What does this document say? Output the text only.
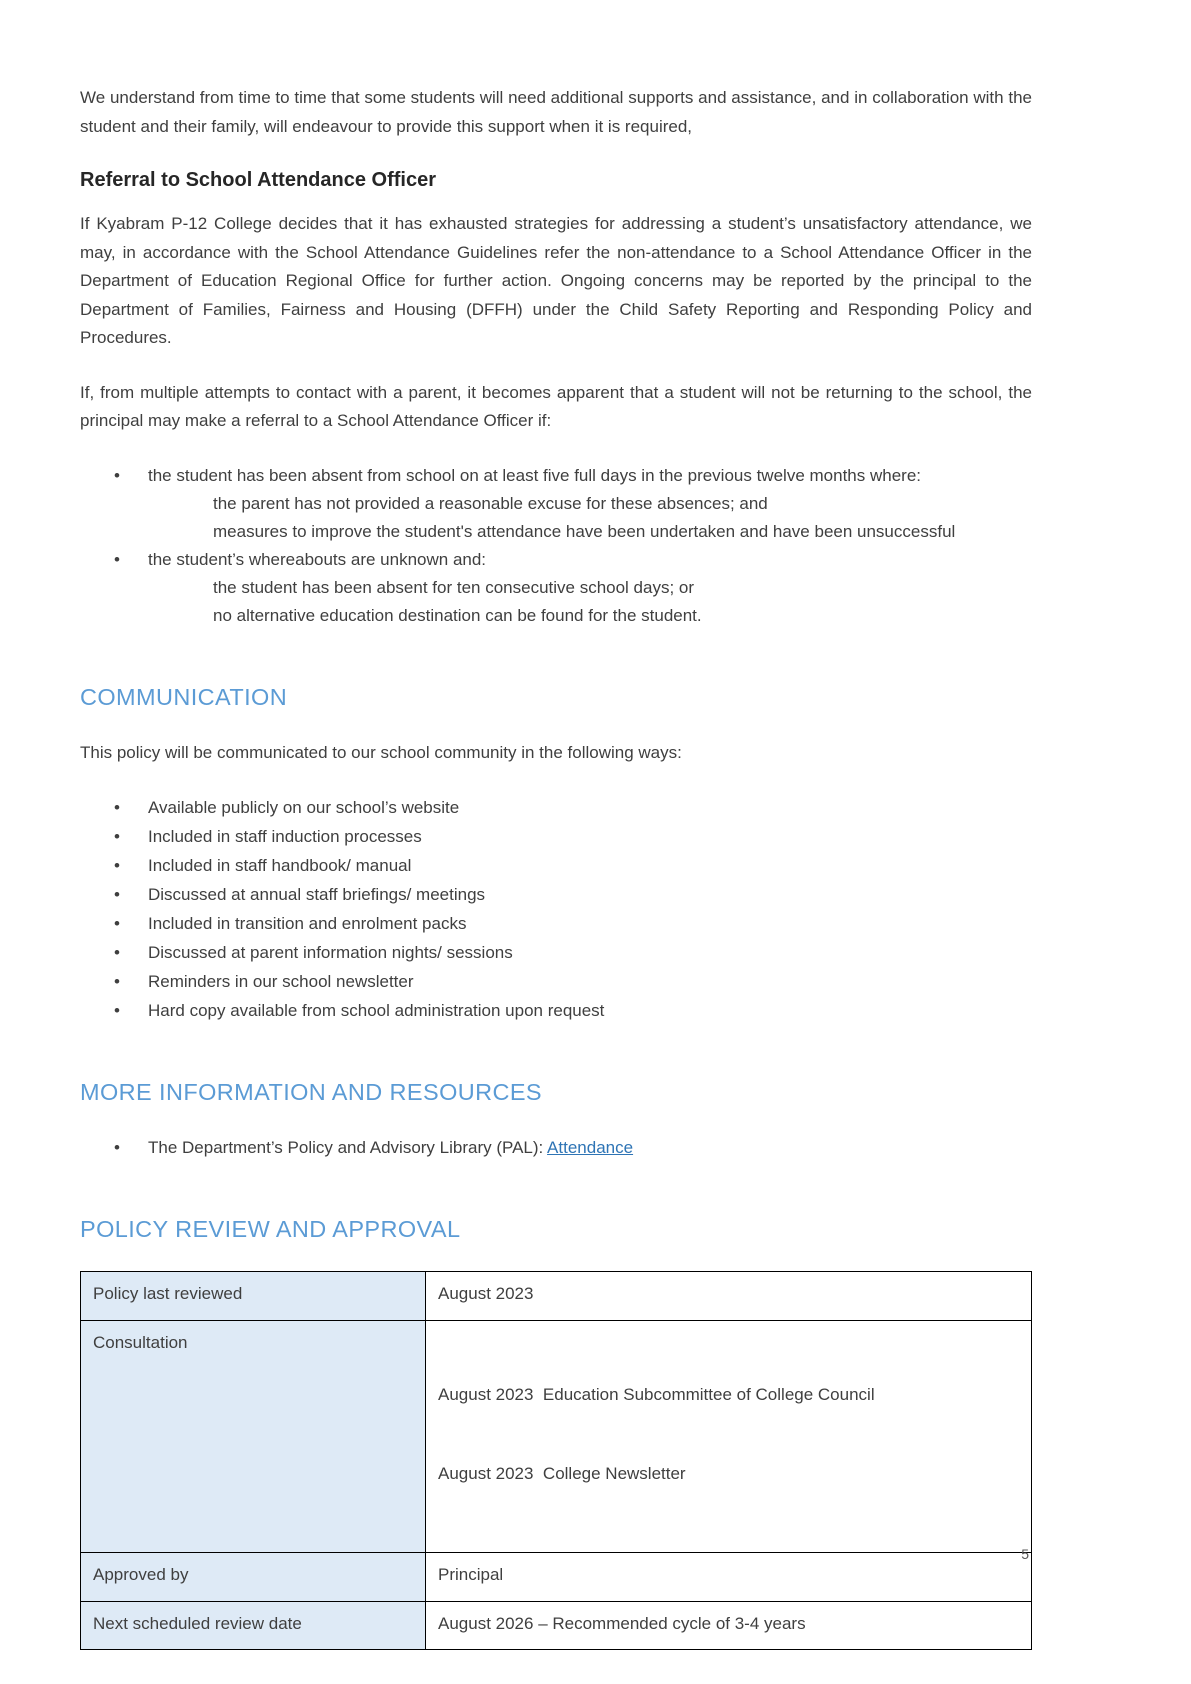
We understand from time to time that some students will need additional supports and assistance, and in collaboration with the student and their family, will endeavour to provide this support when it is required,

Referral to School Attendance Officer

If Kyabram P-12 College decides that it has exhausted strategies for addressing a student’s unsatisfactory attendance, we may, in accordance with the School Attendance Guidelines refer the non-attendance to a School Attendance Officer in the Department of Education Regional Office for further action. Ongoing concerns may be reported by the principal to the Department of Families, Fairness and Housing (DFFH) under the Child Safety Reporting and Responding Policy and Procedures.

If, from multiple attempts to contact with a parent, it becomes apparent that a student will not be returning to the school, the principal may make a referral to a School Attendance Officer if:

•	the student has been absent from school on at least five full days in the previous twelve months where:
the parent has not provided a reasonable excuse for these absences; and
measures to improve the student's attendance have been undertaken and have been unsuccessful
•	the student’s whereabouts are unknown and:
the student has been absent for ten consecutive school days; or
no alternative education destination can be found for the student.
COMMUNICATION

This policy will be communicated to our school community in the following ways:

•	Available publicly on our school’s website
•	Included in staff induction processes
•	Included in staff handbook/ manual
•	Discussed at annual staff briefings/ meetings
•	Included in transition and enrolment packs
•	Discussed at parent information nights/ sessions
•	Reminders in our school newsletter
•	Hard copy available from school administration upon request
MORE INFORMATION AND RESOURCES
•	The Department’s Policy and Advisory Library (PAL): Attendance
POLICY REVIEW AND APPROVAL
Policy last reviewed	August 2023
Consultation	August 2023  Education Subcommittee of College Council

August 2023  College Newsletter

Approved by	Principal
Next scheduled review date	August 2026 – Recommended cycle of 3-4 years
5
